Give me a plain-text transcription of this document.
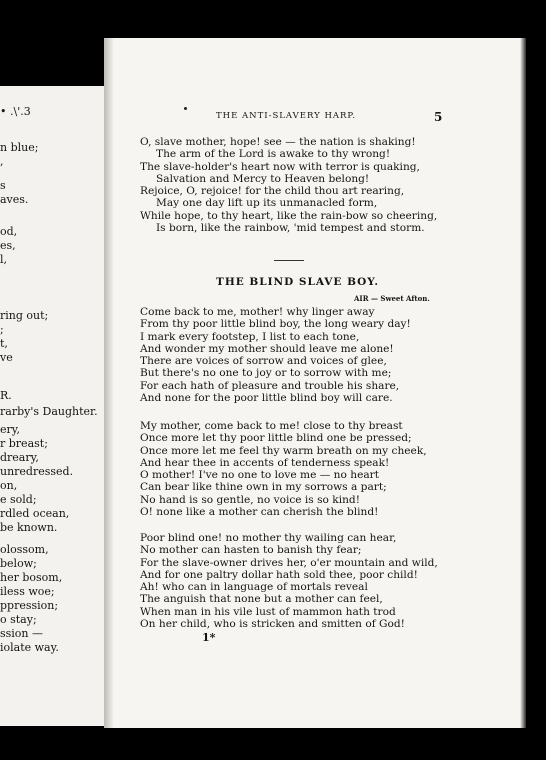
• .\'.3
n blue;
,
s
aves.
od,
es,
l,
ring out;
;
t,
ve
R.
rarby's Daughter.
ery,
r breast;
dreary,
unredressed.
on,
e sold;
rdled ocean,
be known.
olossom,
below;
her bosom,
iless woe;
ppression;
o stay;
ssion —
iolate way.
THE ANTI-SLAVERY HARP.	5
O, slave mother, hope! see — the nation is shaking!
The arm of the Lord is awake to thy wrong!
The slave-holder's heart now with terror is quaking,
Salvation and Mercy to Heaven belong!
Rejoice, O, rejoice! for the child thou art rearing,
May one day lift up its unmanacled form,
While hope, to thy heart, like the rain-bow so cheering,
Is born, like the rainbow, 'mid tempest and storm.
THE BLIND SLAVE BOY.
AIR — Sweet Afton.
Come back to me, mother! why linger away
From thy poor little blind boy, the long weary day!
I mark every footstep, I list to each tone,
And wonder my mother should leave me alone!
There are voices of sorrow and voices of glee,
But there's no one to joy or to sorrow with me;
For each hath of pleasure and trouble his share,
And none for the poor little blind boy will care.
My mother, come back to me! close to thy breast
Once more let thy poor little blind one be pressed;
Once more let me feel thy warm breath on my cheek,
And hear thee in accents of tenderness speak!
O mother! I've no one to love me — no heart
Can bear like thine own in my sorrows a part;
No hand is so gentle, no voice is so kind!
O! none like a mother can cherish the blind!
Poor blind one! no mother thy wailing can hear,
No mother can hasten to banish thy fear;
For the slave-owner drives her, o'er mountain and wild,
And for one paltry dollar hath sold thee, poor child!
Ah! who can in language of mortals reveal
The anguish that none but a mother can feel,
When man in his vile lust of mammon hath trod
On her child, who is stricken and smitten of God!
1*
